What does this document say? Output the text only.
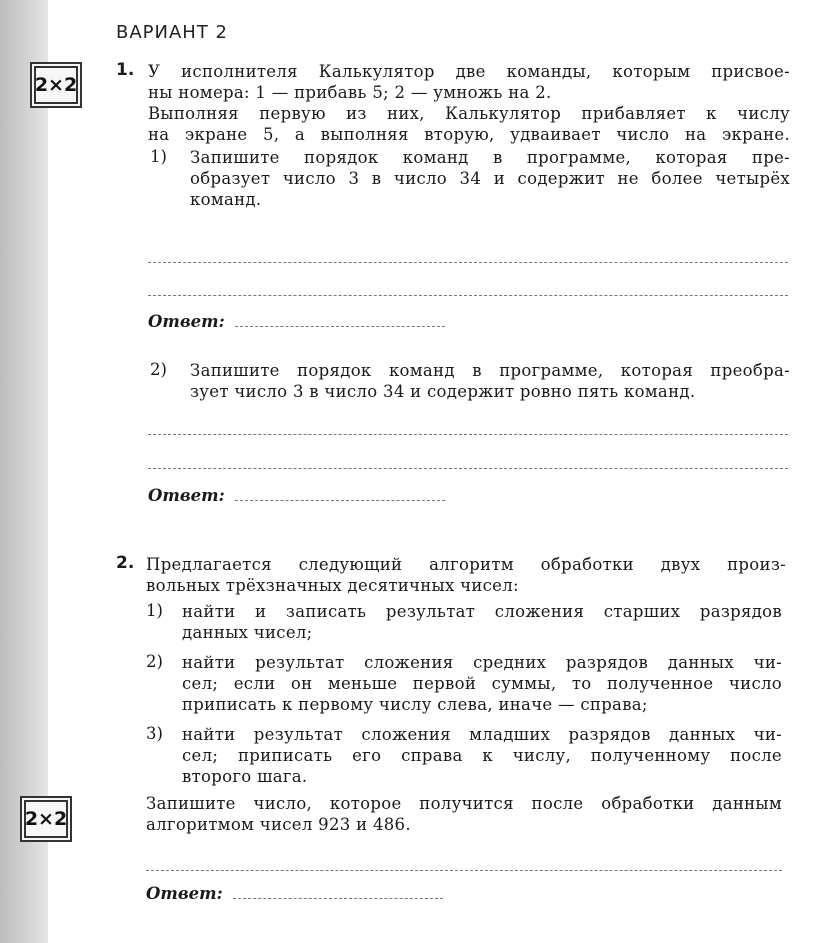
ВАРИАНТ 2
2×2
2×2
1. У исполнителя Калькулятор две команды, которым присвое-
ны номера: 1 — прибавь 5; 2 — умножь на 2.
Выполняя первую из них, Калькулятор прибавляет к числу
на экране 5, а выполняя вторую, удваивает число на экране.
1) Запишите порядок команд в программе, которая пре-
образует число 3 в число 34 и содержит не более четырёх
команд.
Ответ:
2) Запишите порядок команд в программе, которая преобра-
зует число 3 в число 34 и содержит ровно пять команд.
Ответ:
2. Предлагается следующий алгоритм обработки двух произ-
вольных трёхзначных десятичных чисел:
1) найти и записать результат сложения старших разрядов
данных чисел;
2) найти результат сложения средних разрядов данных чи-
сел; если он меньше первой суммы, то полученное число
приписать к первому числу слева, иначе — справа;
3) найти результат сложения младших разрядов данных чи-
сел; приписать его справа к числу, полученному после
второго шага.
Запишите число, которое получится после обработки данным
алгоритмом чисел 923 и 486.
Ответ:
